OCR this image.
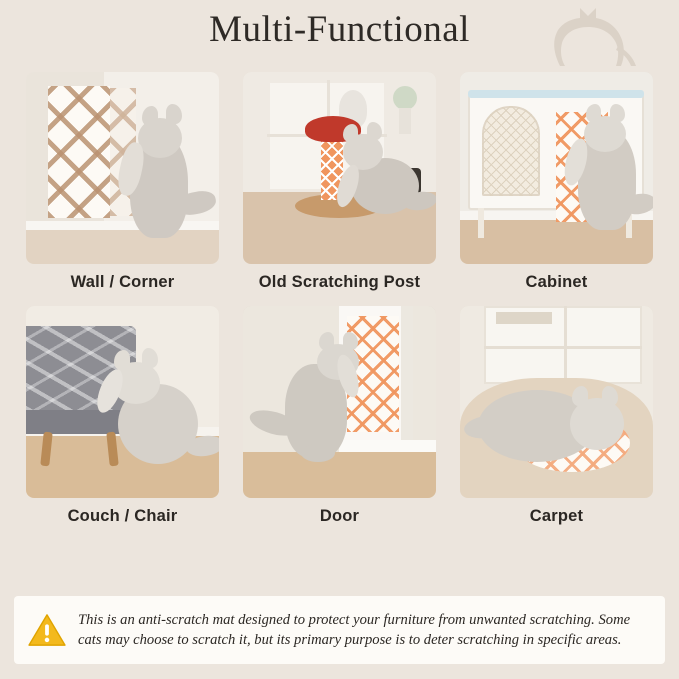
Multi-Functional
Wall / Corner	Old Scratching Post	Cabinet
Couch / Chair	Door	Carpet
This is an anti-scratch mat designed to protect your furniture from unwanted scratching. Some cats may choose to scratch it, but its primary purpose is to deter scratching in specific areas.
